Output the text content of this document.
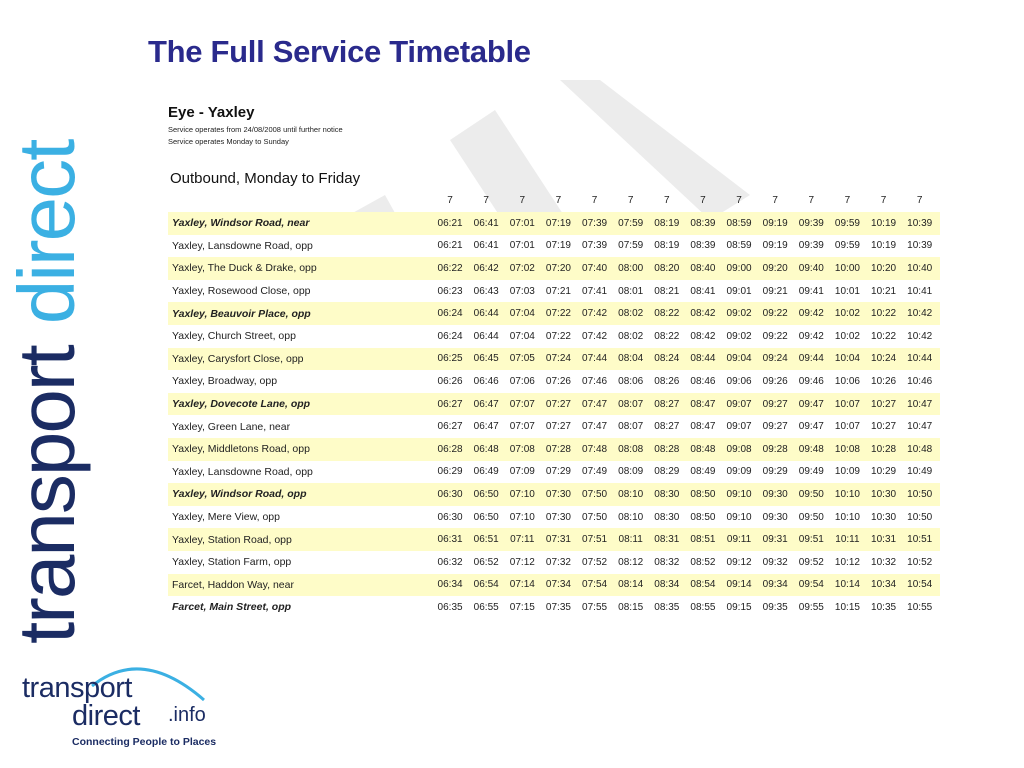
The Full Service Timetable
transportdirect
Eye - Yaxley
Service operates from 24/08/2008 until further notice
Service operates Monday to Sunday
Outbound, Monday to Friday
7	7	7	7	7	7	7	7	7	7	7	7	7	7
Yaxley, Windsor Road, near	06:21	06:41	07:01	07:19	07:39	07:59	08:19	08:39	08:59	09:19	09:39	09:59	10:19	10:39
Yaxley, Lansdowne Road, opp	06:21	06:41	07:01	07:19	07:39	07:59	08:19	08:39	08:59	09:19	09:39	09:59	10:19	10:39
Yaxley, The Duck & Drake, opp	06:22	06:42	07:02	07:20	07:40	08:00	08:20	08:40	09:00	09:20	09:40	10:00	10:20	10:40
Yaxley, Rosewood Close, opp	06:23	06:43	07:03	07:21	07:41	08:01	08:21	08:41	09:01	09:21	09:41	10:01	10:21	10:41
Yaxley, Beauvoir Place, opp	06:24	06:44	07:04	07:22	07:42	08:02	08:22	08:42	09:02	09:22	09:42	10:02	10:22	10:42
Yaxley, Church Street, opp	06:24	06:44	07:04	07:22	07:42	08:02	08:22	08:42	09:02	09:22	09:42	10:02	10:22	10:42
Yaxley, Carysfort Close, opp	06:25	06:45	07:05	07:24	07:44	08:04	08:24	08:44	09:04	09:24	09:44	10:04	10:24	10:44
Yaxley, Broadway, opp	06:26	06:46	07:06	07:26	07:46	08:06	08:26	08:46	09:06	09:26	09:46	10:06	10:26	10:46
Yaxley, Dovecote Lane, opp	06:27	06:47	07:07	07:27	07:47	08:07	08:27	08:47	09:07	09:27	09:47	10:07	10:27	10:47
Yaxley, Green Lane, near	06:27	06:47	07:07	07:27	07:47	08:07	08:27	08:47	09:07	09:27	09:47	10:07	10:27	10:47
Yaxley, Middletons Road, opp	06:28	06:48	07:08	07:28	07:48	08:08	08:28	08:48	09:08	09:28	09:48	10:08	10:28	10:48
Yaxley, Lansdowne Road, opp	06:29	06:49	07:09	07:29	07:49	08:09	08:29	08:49	09:09	09:29	09:49	10:09	10:29	10:49
Yaxley, Windsor Road, opp	06:30	06:50	07:10	07:30	07:50	08:10	08:30	08:50	09:10	09:30	09:50	10:10	10:30	10:50
Yaxley, Mere View, opp	06:30	06:50	07:10	07:30	07:50	08:10	08:30	08:50	09:10	09:30	09:50	10:10	10:30	10:50
Yaxley, Station Road, opp	06:31	06:51	07:11	07:31	07:51	08:11	08:31	08:51	09:11	09:31	09:51	10:11	10:31	10:51
Yaxley, Station Farm, opp	06:32	06:52	07:12	07:32	07:52	08:12	08:32	08:52	09:12	09:32	09:52	10:12	10:32	10:52
Farcet, Haddon Way, near	06:34	06:54	07:14	07:34	07:54	08:14	08:34	08:54	09:14	09:34	09:54	10:14	10:34	10:54
Farcet, Main Street, opp	06:35	06:55	07:15	07:35	07:55	08:15	08:35	08:55	09:15	09:35	09:55	10:15	10:35	10:55
transport
direct .info
Connecting People to Places
